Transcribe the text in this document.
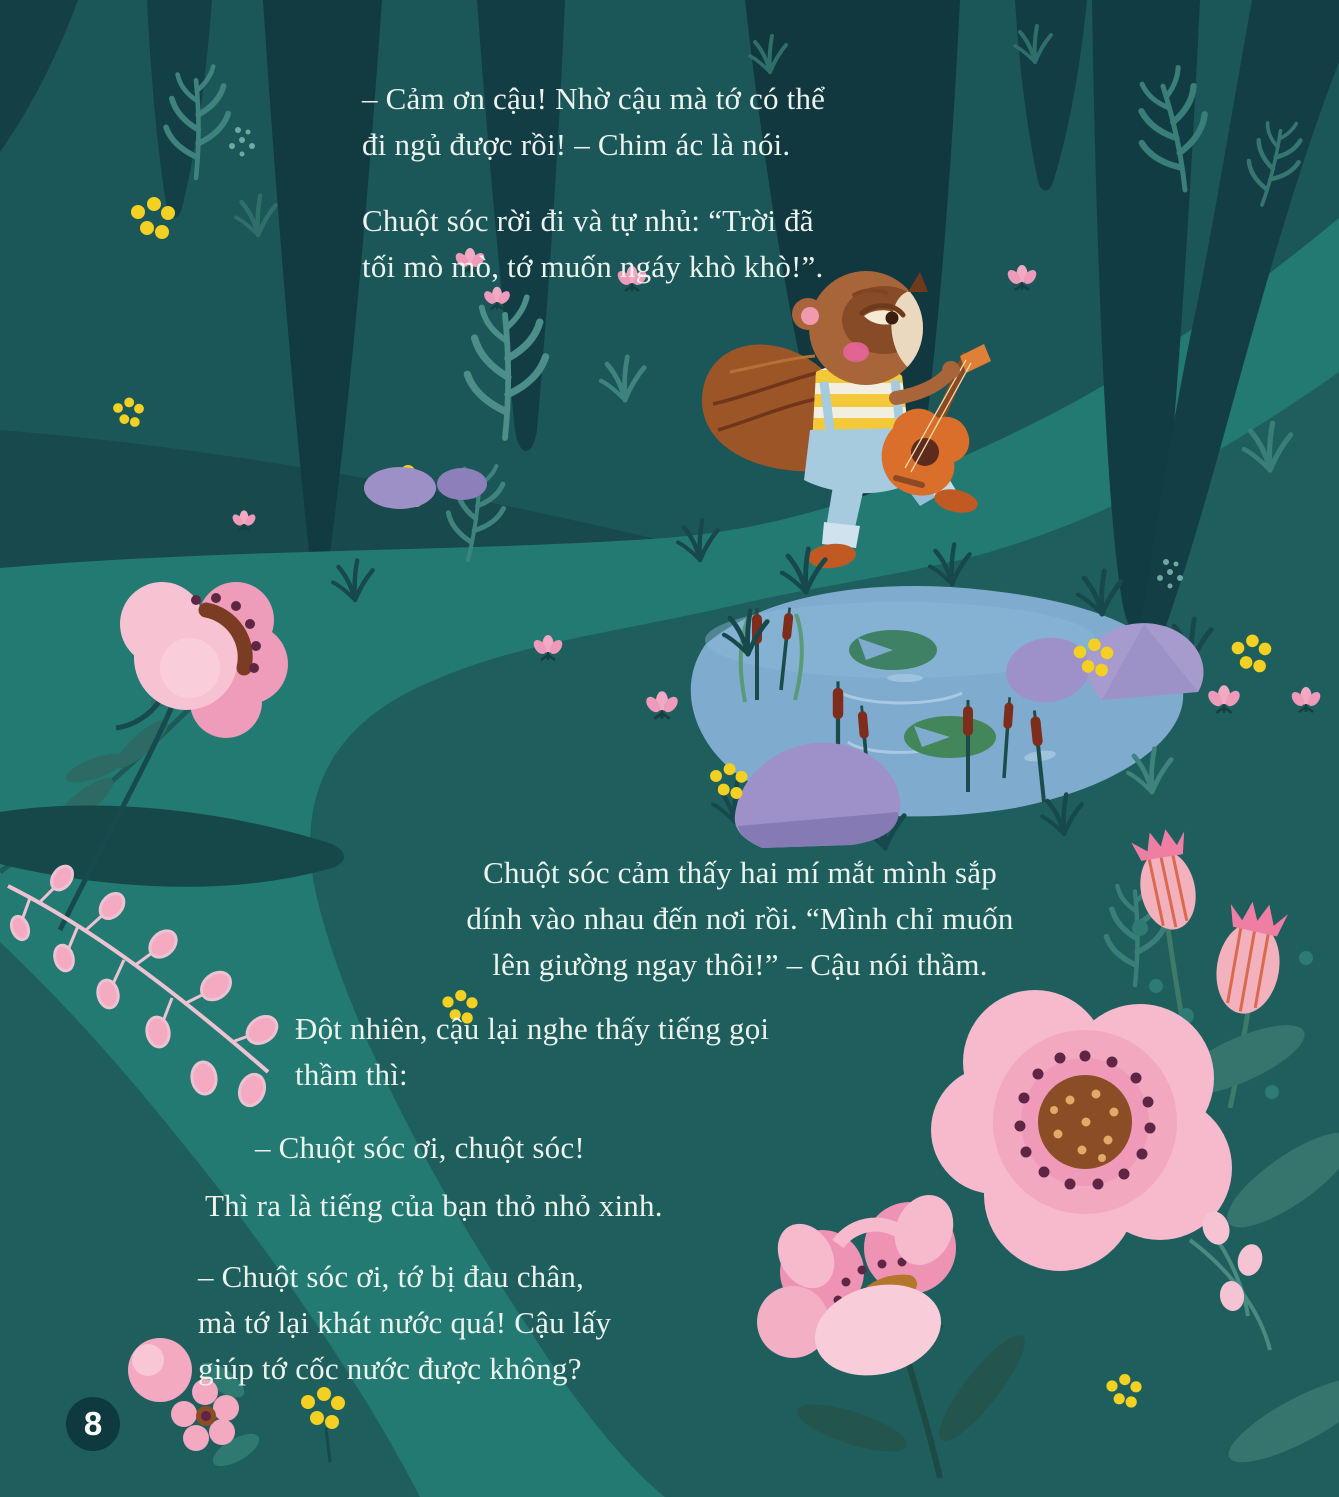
– Cảm ơn cậu! Nhờ cậu mà tớ có thể
đi ngủ được rồi! – Chim ác là nói.
Chuột sóc rời đi và tự nhủ: “Trời đã
tối mò mò, tớ muốn ngáy khò khò!”.
Chuột sóc cảm thấy hai mí mắt mình sắp
dính vào nhau đến nơi rồi. “Mình chỉ muốn
lên giường ngay thôi!” – Cậu nói thầm.
Đột nhiên, cậu lại nghe thấy tiếng gọi
thầm thì:
– Chuột sóc ơi, chuột sóc!
Thì ra là tiếng của bạn thỏ nhỏ xinh.
– Chuột sóc ơi, tớ bị đau chân,
mà tớ lại khát nước quá! Cậu lấy
giúp tớ cốc nước được không?
8
